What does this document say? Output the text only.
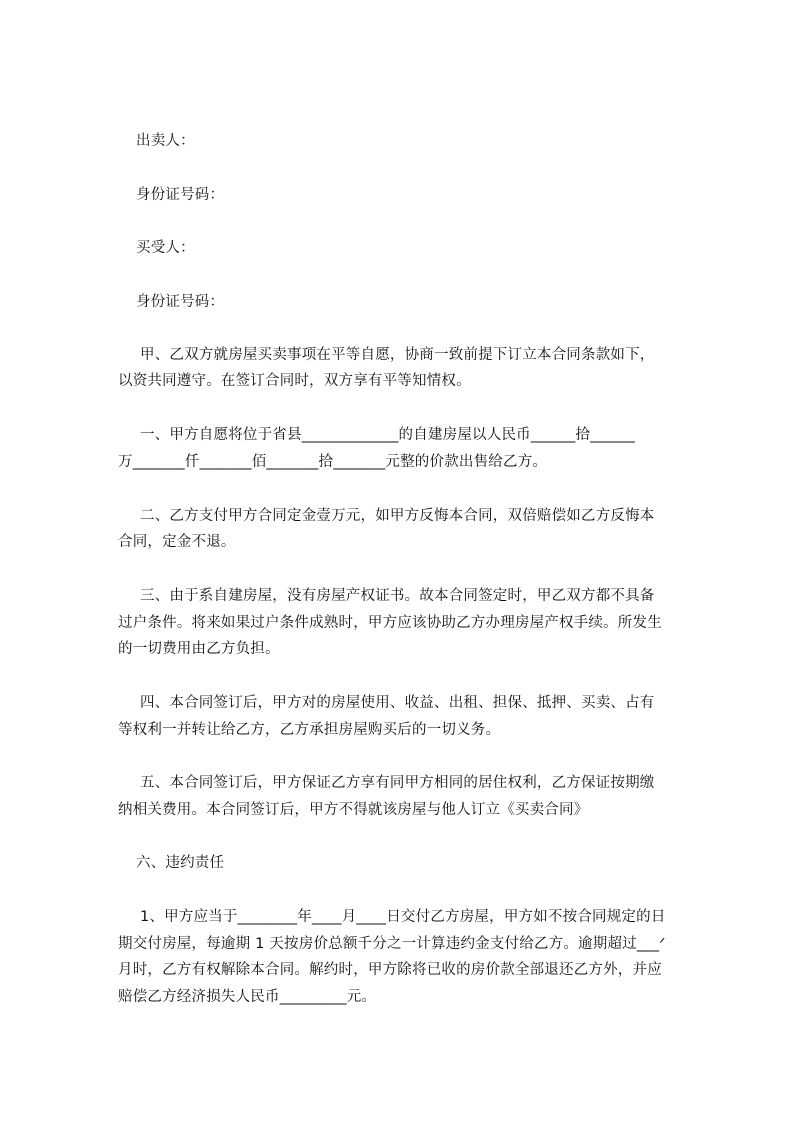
出卖人：
身份证号码：
买受人：
身份证号码：
甲、乙双方就房屋买卖事项在平等自愿，协商一致前提下订立本合同条款如下，
以资共同遵守。在签订合同时，双方享有平等知情权。
一、甲方自愿将位于省县_____________的自建房屋以人民币______拾______
万_______仟_______佰_______拾_______元整的价款出售给乙方。
二、乙方支付甲方合同定金壹万元，如甲方反悔本合同，双倍赔偿如乙方反悔本
合同，定金不退。
三、由于系自建房屋，没有房屋产权证书。故本合同签定时，甲乙双方都不具备
过户条件。将来如果过户条件成熟时，甲方应该协助乙方办理房屋产权手续。所发生
的一切费用由乙方负担。
四、本合同签订后，甲方对的房屋使用、收益、出租、担保、抵押、买卖、占有
等权利一并转让给乙方，乙方承担房屋购买后的一切义务。
五、本合同签订后，甲方保证乙方享有同甲方相同的居住权利，乙方保证按期缴
纳相关费用。本合同签订后，甲方不得就该房屋与他人订立《买卖合同》
六、违约责任
1、甲方应当于________年____月____日交付乙方房屋，甲方如不按合同规定的日
期交付房屋，每逾期 1 天按房价总额千分之一计算违约金支付给乙方。逾期超过___ᐟ
月时，乙方有权解除本合同。解约时，甲方除将已收的房价款全部退还乙方外，并应
赔偿乙方经济损失人民币_________元。
